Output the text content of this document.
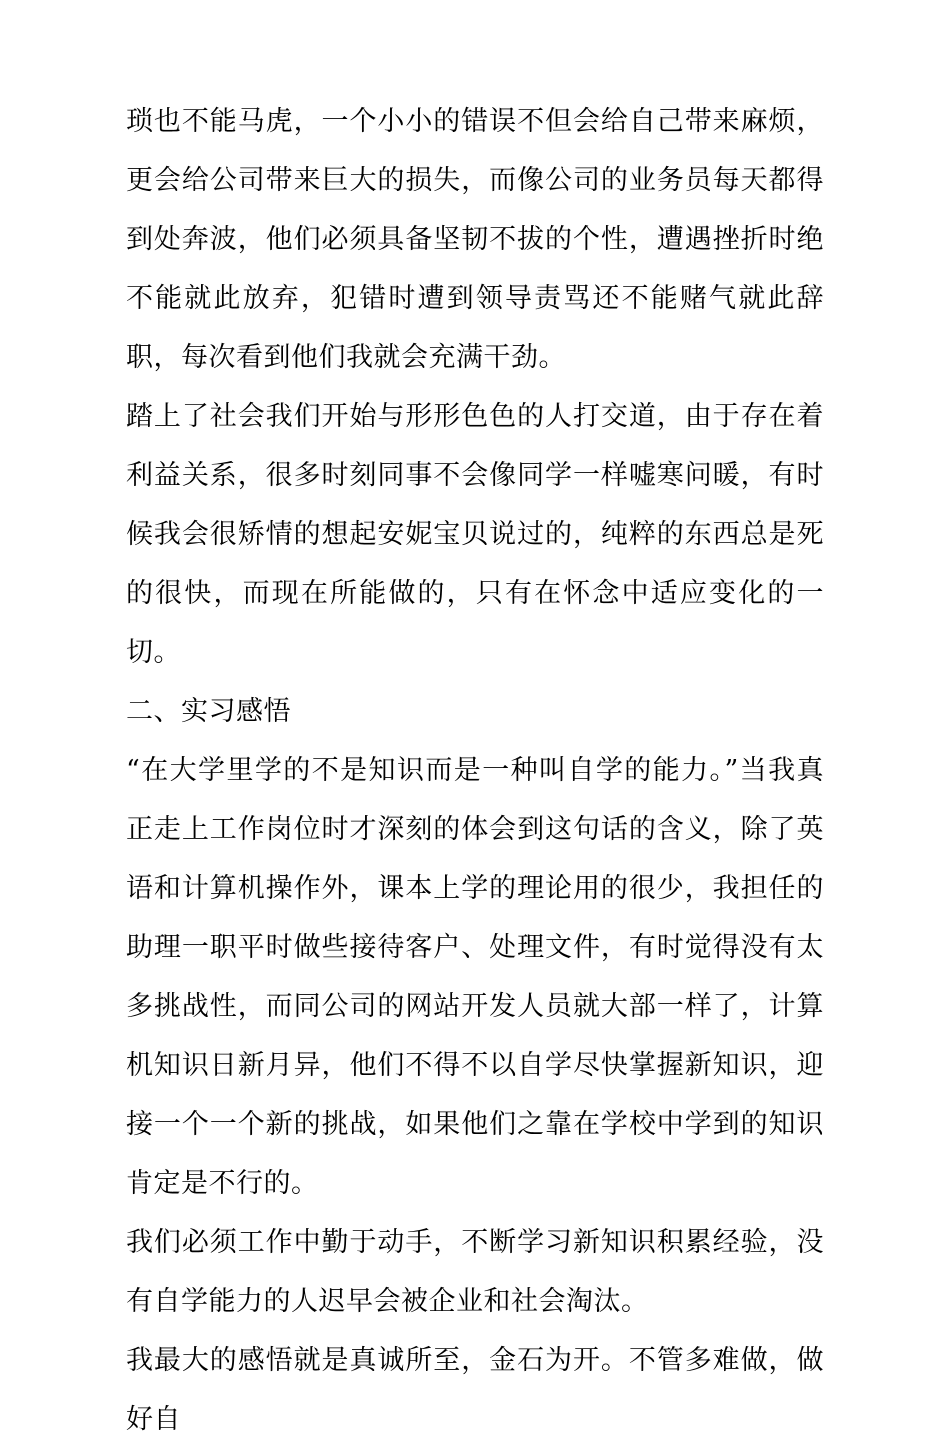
琐也不能马虎，一个小小的错误不但会给自己带来麻烦，更会给公司带来巨大的损失，而像公司的业务员每天都得到处奔波，他们必须具备坚韧不拔的个性，遭遇挫折时绝不能就此放弃，犯错时遭到领导责骂还不能赌气就此辞职，每次看到他们我就会充满干劲。

踏上了社会我们开始与形形色色的人打交道，由于存在着利益关系，很多时刻同事不会像同学一样嘘寒问暖，有时候我会很矫情的想起安妮宝贝说过的，纯粹的东西总是死的很快，而现在所能做的，只有在怀念中适应变化的一切。

二、实习感悟

“在大学里学的不是知识而是一种叫自学的能力。”当我真正走上工作岗位时才深刻的体会到这句话的含义，除了英语和计算机操作外，课本上学的理论用的很少，我担任的助理一职平时做些接待客户、处理文件，有时觉得没有太多挑战性，而同公司的网站开发人员就大部一样了，计算机知识日新月异，他们不得不以自学尽快掌握新知识，迎接一个一个新的挑战，如果他们之靠在学校中学到的知识肯定是不行的。

我们必须工作中勤于动手，不断学习新知识积累经验，没有自学能力的人迟早会被企业和社会淘汰。

我最大的感悟就是真诚所至，金石为开。不管多难做，做好自
